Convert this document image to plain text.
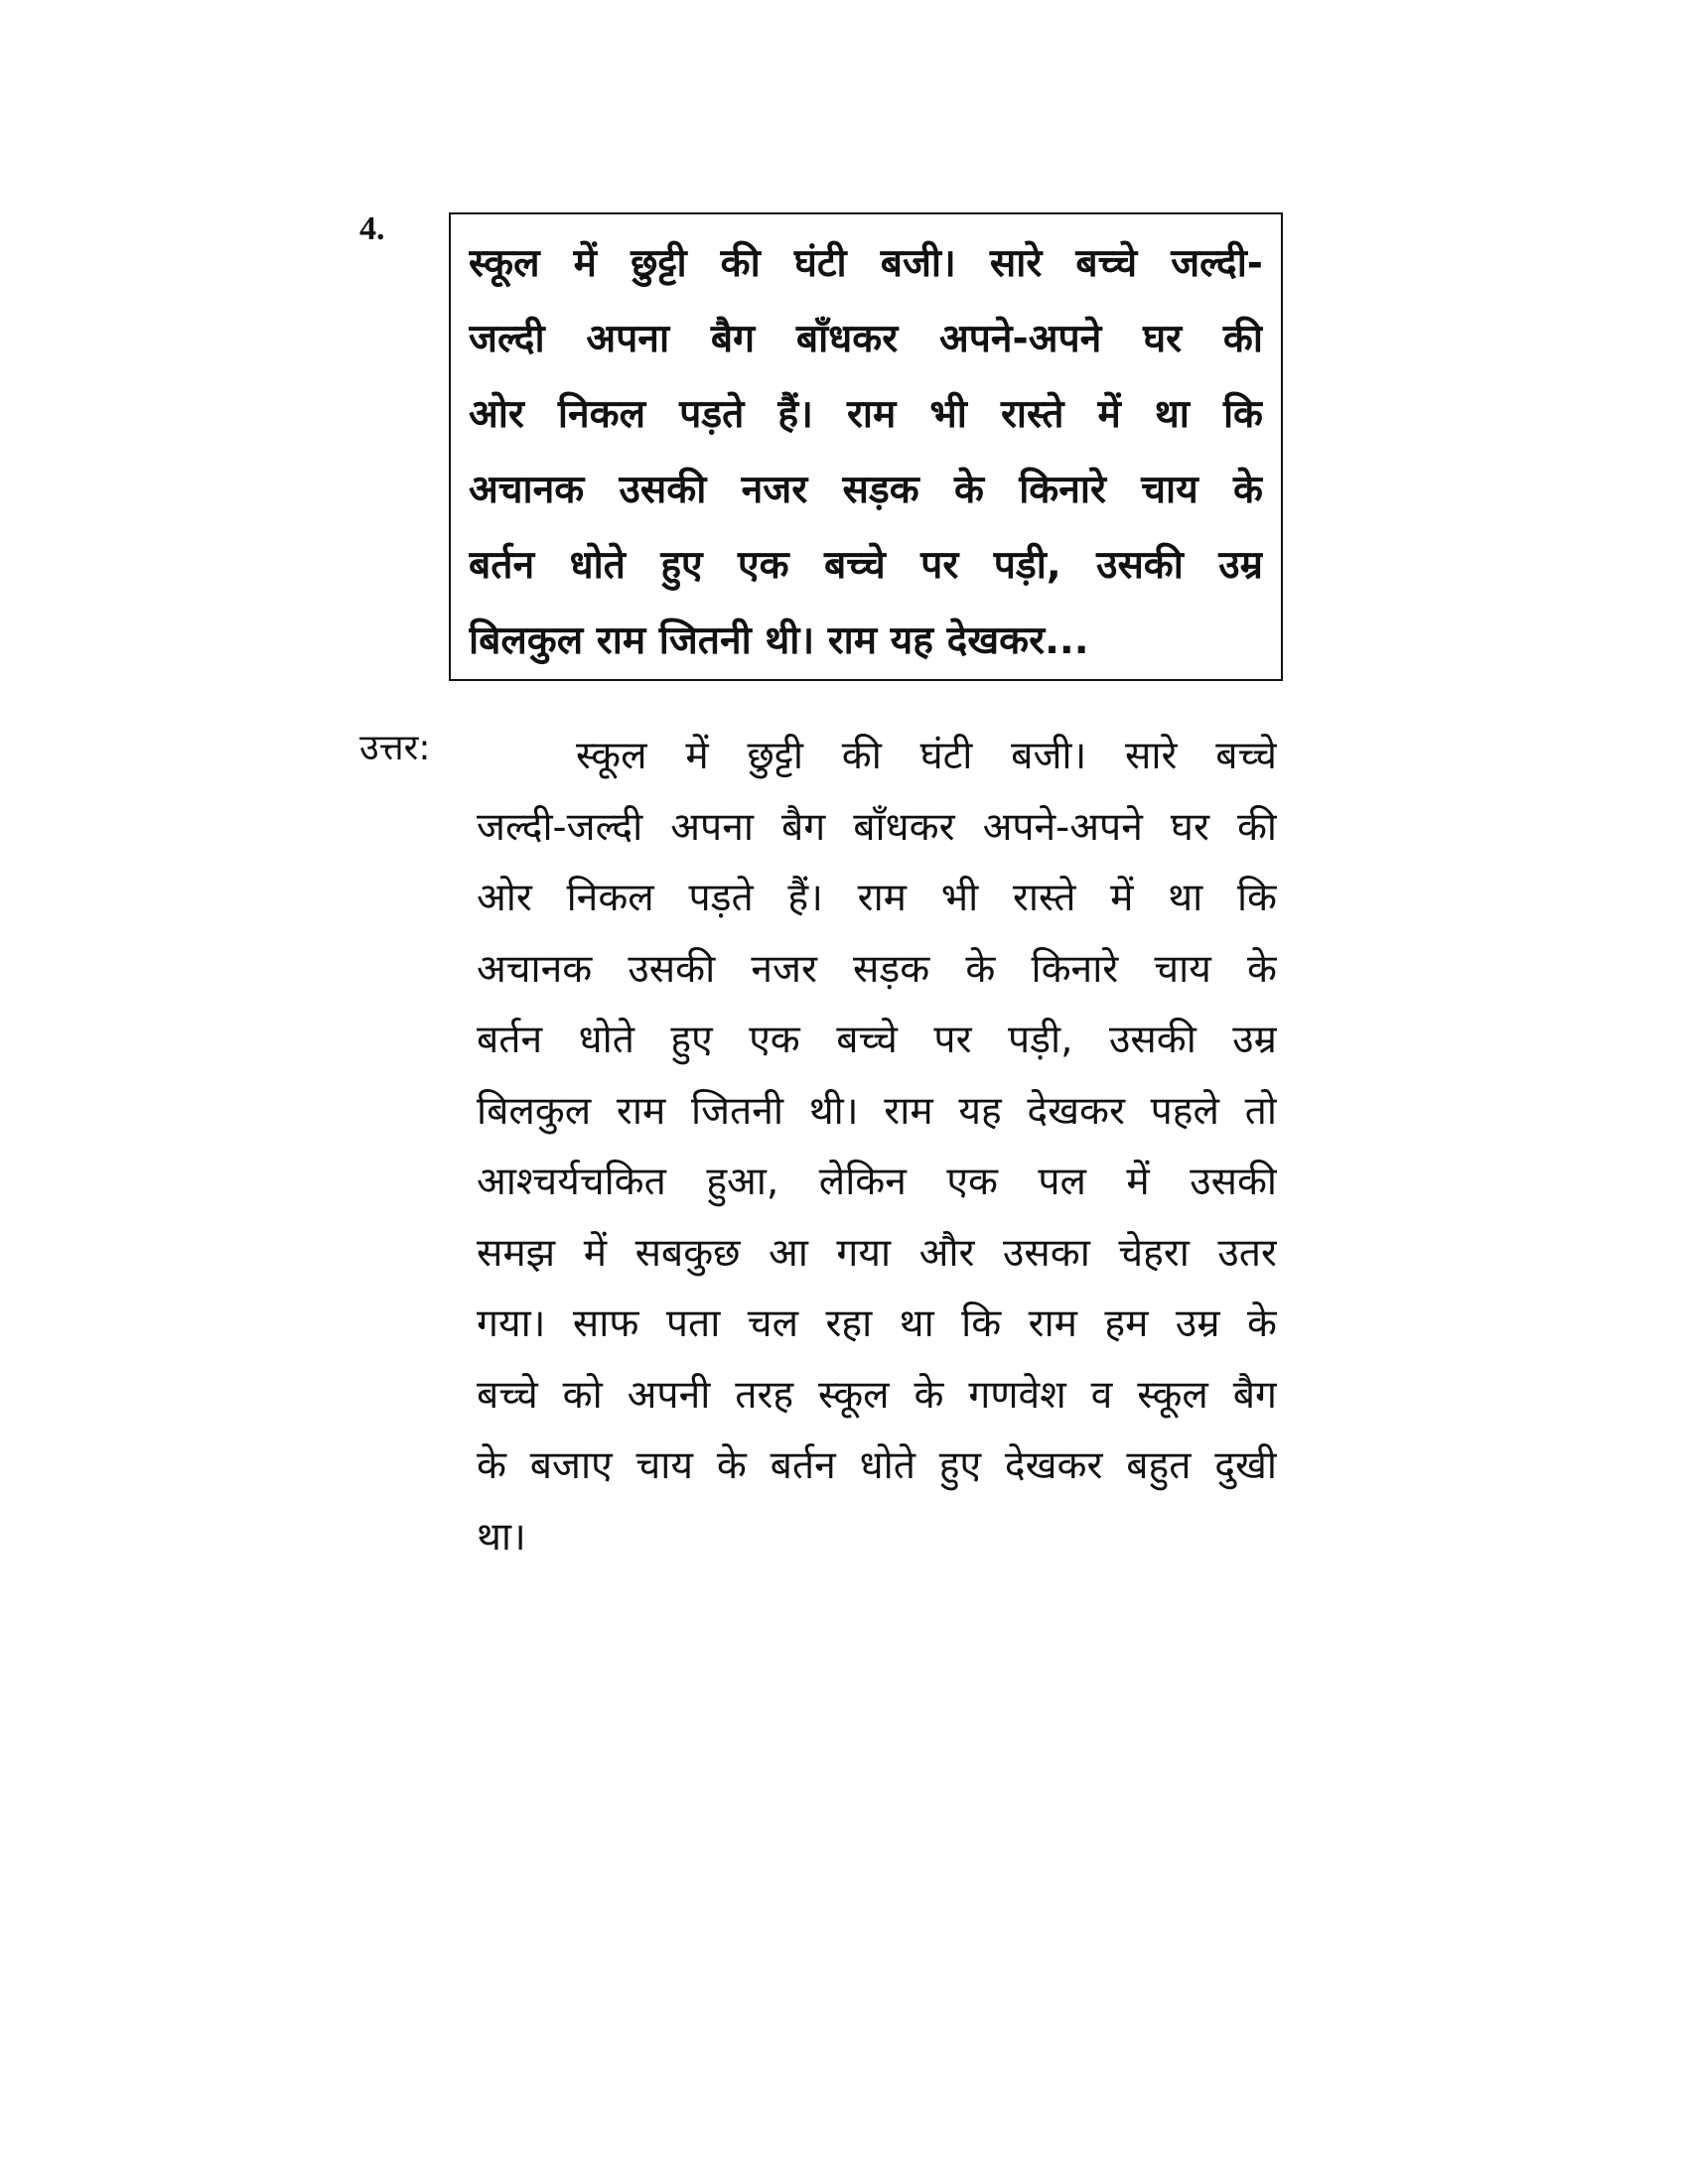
4.
स्कूल में छुट्टी की घंटी बजी। सारे बच्चे जल्दी-
जल्दी अपना बैग बाँधकर अपने-अपने घर की
ओर निकल पड़ते हैं। राम भी रास्ते में था कि
अचानक उसकी नजर सड़क के किनारे चाय के
बर्तन धोते हुए एक बच्चे पर पड़ी, उसकी उम्र
बिलकुल राम जितनी थी। राम यह देखकर...
उत्तर:	स्कूल में छुट्टी की घंटी बजी। सारे बच्चे
जल्दी-जल्दी अपना बैग बाँधकर अपने-अपने घर की
ओर निकल पड़ते हैं। राम भी रास्ते में था कि
अचानक उसकी नजर सड़क के किनारे चाय के
बर्तन धोते हुए एक बच्चे पर पड़ी, उसकी उम्र
बिलकुल राम जितनी थी। राम यह देखकर पहले तो
आश्चर्यचकित हुआ, लेकिन एक पल में उसकी
समझ में सबकुछ आ गया और उसका चेहरा उतर
गया। साफ पता चल रहा था कि राम हम उम्र के
बच्चे को अपनी तरह स्कूल के गणवेश व स्कूल बैग
के बजाए चाय के बर्तन धोते हुए देखकर बहुत दुखी
था।
